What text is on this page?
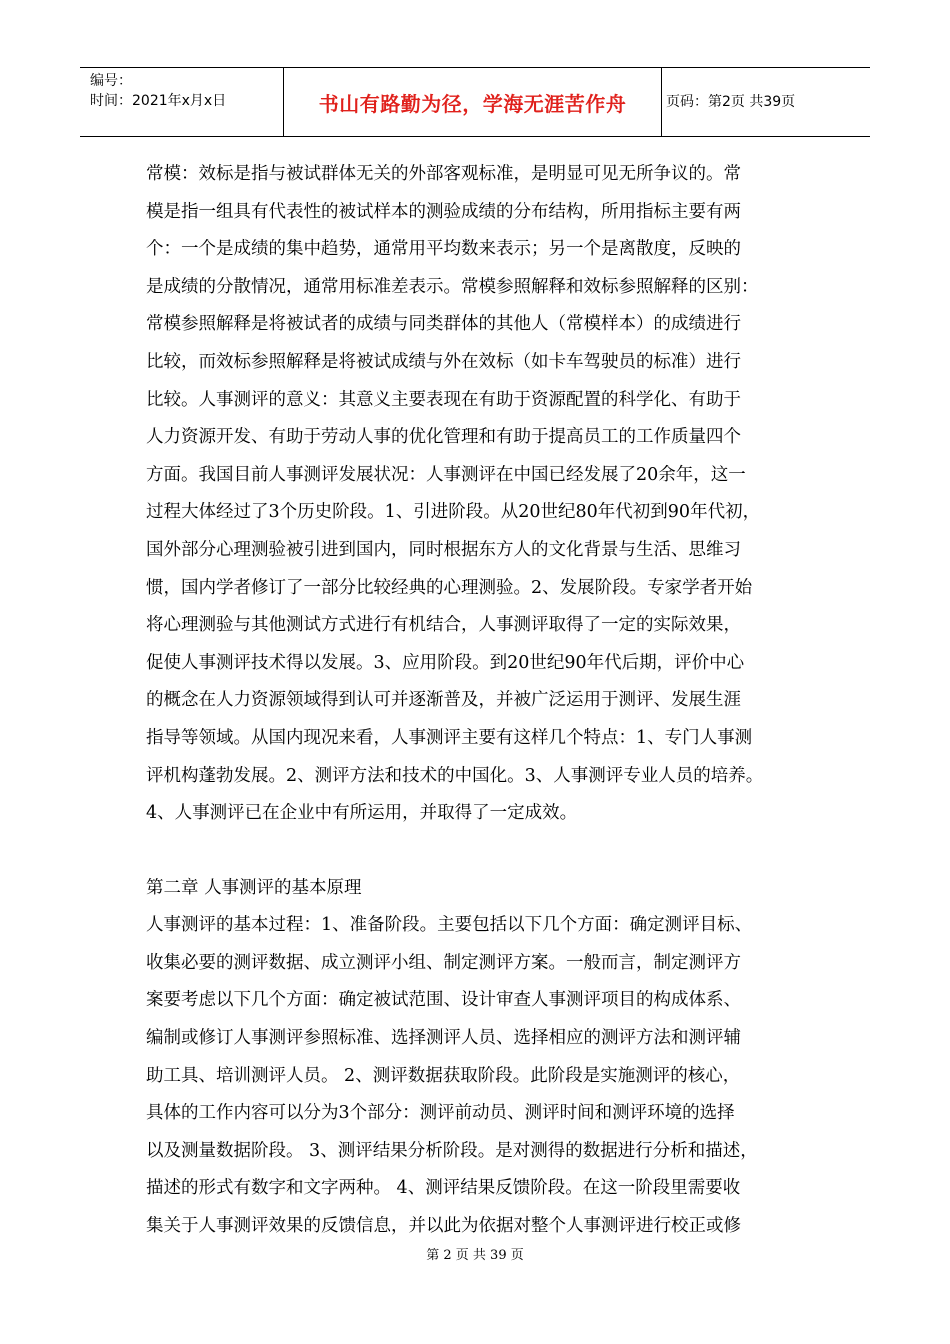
编号：
时间：2021年x月x日	书山有路勤为径，学海无涯苦作舟	页码：第2页 共39页

常模：效标是指与被试群体无关的外部客观标准，是明显可见无所争议的。常

模是指一组具有代表性的被试样本的测验成绩的分布结构，所用指标主要有两

个：一个是成绩的集中趋势，通常用平均数来表示；另一个是离散度，反映的

是成绩的分散情况，通常用标准差表示。常模参照解释和效标参照解释的区别：

常模参照解释是将被试者的成绩与同类群体的其他人（常模样本）的成绩进行

比较，而效标参照解释是将被试成绩与外在效标（如卡车驾驶员的标准）进行

比较。人事测评的意义：其意义主要表现在有助于资源配置的科学化、有助于

人力资源开发、有助于劳动人事的优化管理和有助于提高员工的工作质量四个

方面。我国目前人事测评发展状况：人事测评在中国已经发展了20余年，这一

过程大体经过了3个历史阶段。1、引进阶段。从20世纪80年代初到90年代初，

国外部分心理测验被引进到国内，同时根据东方人的文化背景与生活、思维习

惯，国内学者修订了一部分比较经典的心理测验。2、发展阶段。专家学者开始

将心理测验与其他测试方式进行有机结合，人事测评取得了一定的实际效果，

促使人事测评技术得以发展。3、应用阶段。到20世纪90年代后期，评价中心

的概念在人力资源领域得到认可并逐渐普及，并被广泛运用于测评、发展生涯

指导等领域。从国内现况来看，人事测评主要有这样几个特点：1、专门人事测

评机构蓬勃发展。2、测评方法和技术的中国化。3、人事测评专业人员的培养。

4、人事测评已在企业中有所运用，并取得了一定成效。

第二章 人事测评的基本原理

人事测评的基本过程：1、准备阶段。主要包括以下几个方面：确定测评目标、

收集必要的测评数据、成立测评小组、制定测评方案。一般而言，制定测评方

案要考虑以下几个方面：确定被试范围、设计审查人事测评项目的构成体系、

编制或修订人事测评参照标准、选择测评人员、选择相应的测评方法和测评辅

助工具、培训测评人员。 2、测评数据获取阶段。此阶段是实施测评的核心，

具体的工作内容可以分为3个部分：测评前动员、测评时间和测评环境的选择

以及测量数据阶段。 3、测评结果分析阶段。是对测得的数据进行分析和描述，

描述的形式有数字和文字两种。 4、测评结果反馈阶段。在这一阶段里需要收

集关于人事测评效果的反馈信息，并以此为依据对整个人事测评进行校正或修

第 2 页 共 39 页
